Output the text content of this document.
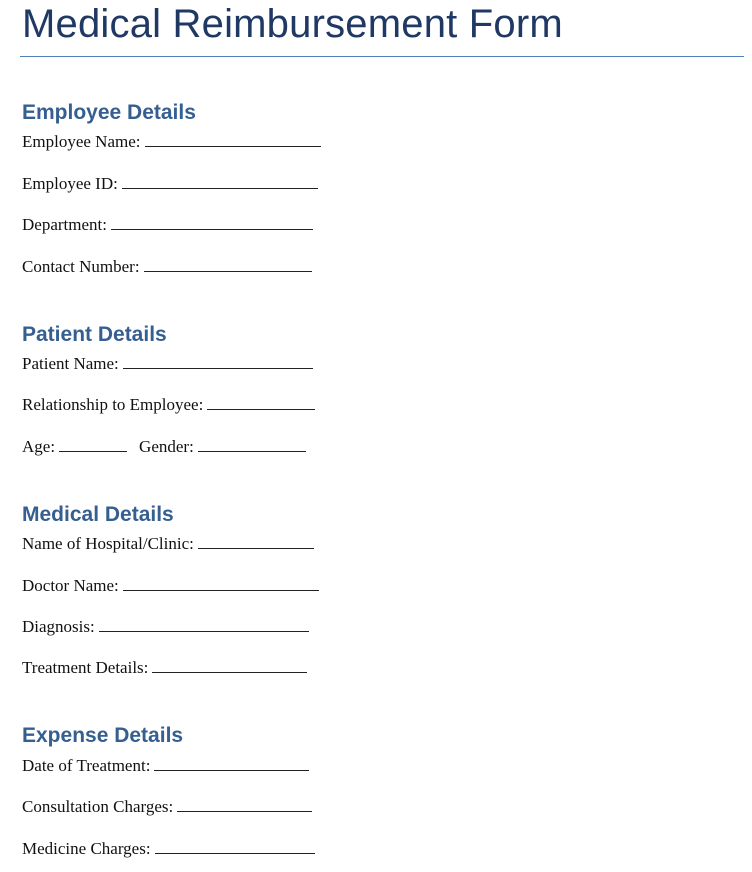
Medical Reimbursement Form
Employee Details
Employee Name:
Employee ID:
Department:
Contact Number:
Patient Details
Patient Name:
Relationship to Employee:
Age:	Gender:
Medical Details
Name of Hospital/Clinic:
Doctor Name:
Diagnosis:
Treatment Details:
Expense Details
Date of Treatment:
Consultation Charges:
Medicine Charges:
